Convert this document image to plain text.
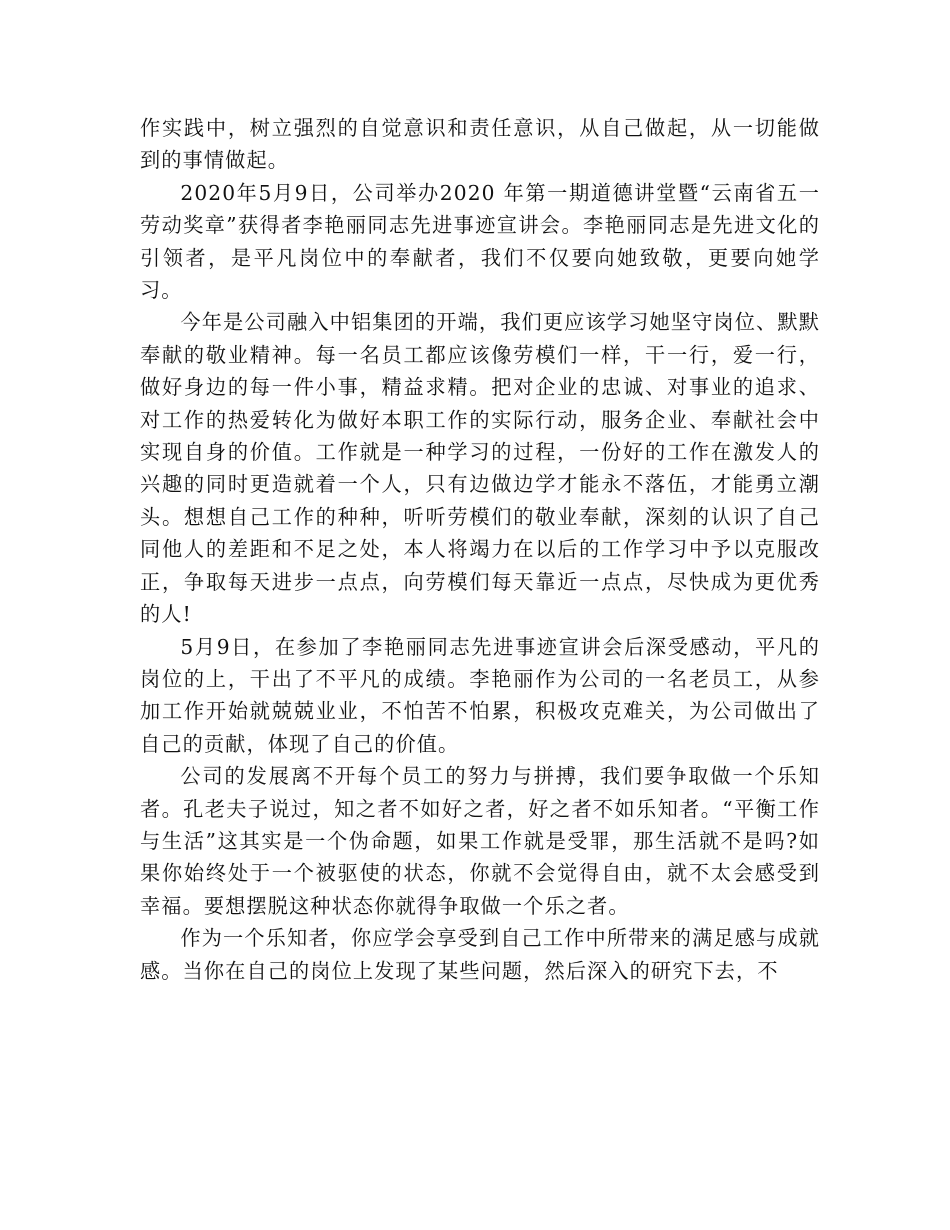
作实践中，树立强烈的自觉意识和责任意识，从自己做起，从一切能做到的事情做起。

2020年5月9日，公司举办2020 年第一期道德讲堂暨“云南省五一劳动奖章”获得者李艳丽同志先进事迹宣讲会。李艳丽同志是先进文化的引领者，是平凡岗位中的奉献者，我们不仅要向她致敬，更要向她学习。

今年是公司融入中铝集团的开端，我们更应该学习她坚守岗位、默默奉献的敬业精神。每一名员工都应该像劳模们一样，干一行，爱一行，做好身边的每一件小事，精益求精。把对企业的忠诚、对事业的追求、对工作的热爱转化为做好本职工作的实际行动，服务企业、奉献社会中实现自身的价值。工作就是一种学习的过程，一份好的工作在激发人的兴趣的同时更造就着一个人，只有边做边学才能永不落伍，才能勇立潮头。想想自己工作的种种，听听劳模们的敬业奉献，深刻的认识了自己同他人的差距和不足之处，本人将竭力在以后的工作学习中予以克服改正，争取每天进步一点点，向劳模们每天靠近一点点，尽快成为更优秀的人!

5月9日，在参加了李艳丽同志先进事迹宣讲会后深受感动，平凡的岗位的上，干出了不平凡的成绩。李艳丽作为公司的一名老员工，从参加工作开始就兢兢业业，不怕苦不怕累，积极攻克难关，为公司做出了自己的贡献，体现了自己的价值。

公司的发展离不开每个员工的努力与拼搏，我们要争取做一个乐知者。孔老夫子说过，知之者不如好之者，好之者不如乐知者。“平衡工作与生活”这其实是一个伪命题，如果工作就是受罪，那生活就不是吗?如果你始终处于一个被驱使的状态，你就不会觉得自由，就不太会感受到幸福。要想摆脱这种状态你就得争取做一个乐之者。

作为一个乐知者，你应学会享受到自己工作中所带来的满足感与成就感。当你在自己的岗位上发现了某些问题，然后深入的研究下去，不
